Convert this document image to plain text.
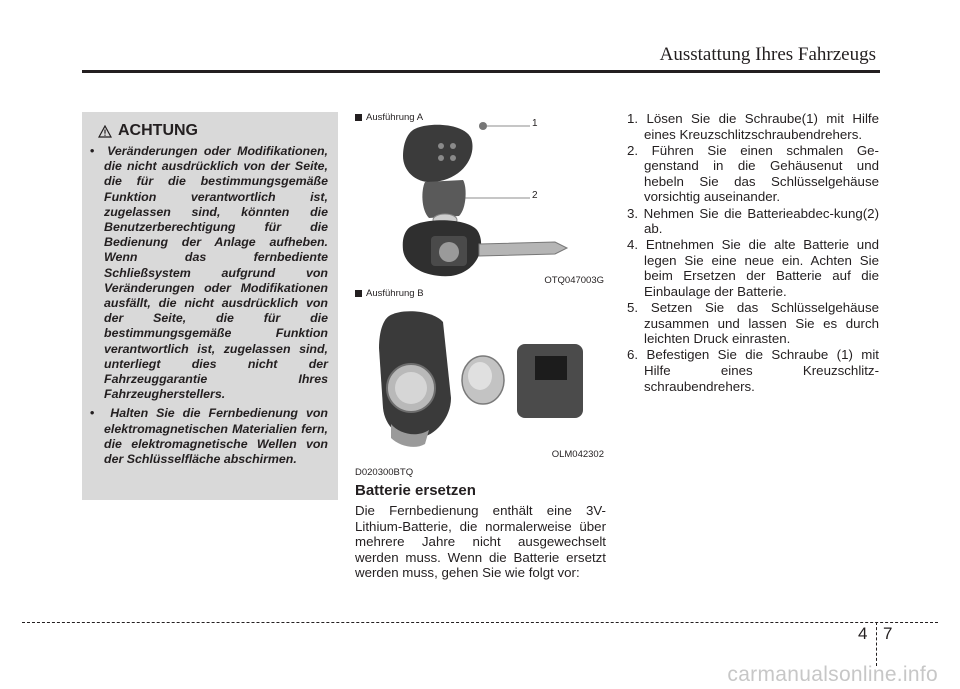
Ausstattung Ihres Fahrzeugs
ACHTUNG
•  Veränderungen oder Modifikationen, die nicht ausdrücklich von der Seite, die für die bestimmungsgemäße Funktion verantwortlich ist, zugelassen sind, könnten die Benutzerberechtigung für die Bedienung der Anlage aufheben. Wenn das fernbediente Schließsystem aufgrund von Veränderungen oder Modifikationen ausfällt, die nicht ausdrücklich von der Seite, die für die bestimmungsgemäße Funktion verantwortlich ist, zugelassen sind, unterliegt dies nicht der Fahrzeuggarantie Ihres Fahrzeugherstellers.
•  Halten Sie die Fernbedienung von elektromagnetischen Materialien fern, die elektromagnetische Wellen von der Schlüsselfläche abschirmen.
Ausführung A
1
2
OTQ047003G
Ausführung B
OLM042302
D020300BTQ
Batterie ersetzen
Die Fernbedienung enthält eine 3V-Lithium-Batterie, die normalerweise über mehrere Jahre nicht ausgewechselt werden muss. Wenn die Batterie ersetzt werden muss, gehen Sie wie folgt vor:
1. Lösen Sie die Schraube(1) mit Hilfe eines Kreuzschlitzschraubendrehers.
2. Führen Sie einen schmalen Ge-genstand in die Gehäusenut und hebeln Sie das Schlüsselgehäuse vorsichtig auseinander.
3. Nehmen Sie die Batterieabdec-kung(2) ab.
4. Entnehmen Sie die alte Batterie und legen Sie eine neue ein. Achten Sie beim Ersetzen der Batterie auf die Einbaulage der Batterie.
5. Setzen Sie das Schlüsselgehäuse zusammen und lassen Sie es durch leichten Druck einrasten.
6. Befestigen Sie die Schraube (1) mit Hilfe eines Kreuzschlitz-schraubendrehers.
4 7
carmanualsonline.info
